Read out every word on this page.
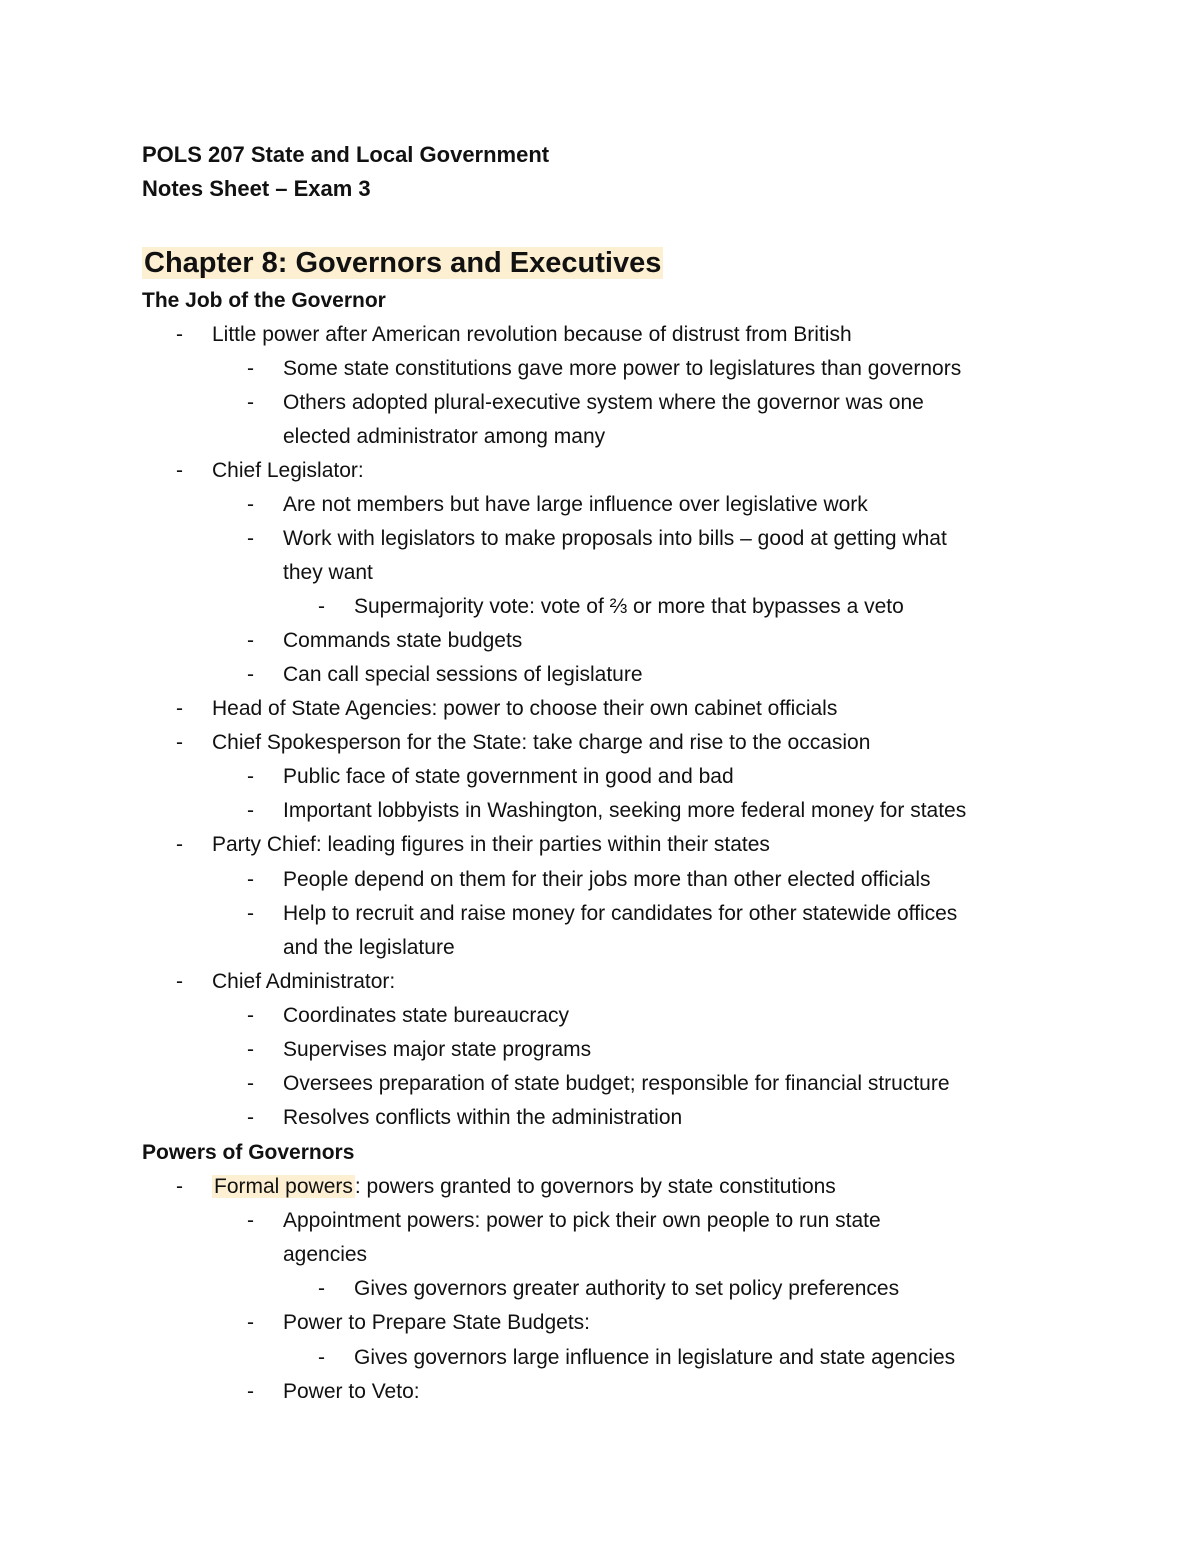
POLS 207 State and Local Government
Notes Sheet – Exam 3
Chapter 8: Governors and Executives
The Job of the Governor
- Little power after American revolution because of distrust from British
- Some state constitutions gave more power to legislatures than governors
- Others adopted plural-executive system where the governor was one
elected administrator among many
- Chief Legislator:
- Are not members but have large influence over legislative work
- Work with legislators to make proposals into bills – good at getting what
they want
- Supermajority vote: vote of ⅔ or more that bypasses a veto
- Commands state budgets
- Can call special sessions of legislature
- Head of State Agencies: power to choose their own cabinet officials
- Chief Spokesperson for the State: take charge and rise to the occasion
- Public face of state government in good and bad
- Important lobbyists in Washington, seeking more federal money for states
- Party Chief: leading figures in their parties within their states
- People depend on them for their jobs more than other elected officials
- Help to recruit and raise money for candidates for other statewide offices
and the legislature
- Chief Administrator:
- Coordinates state bureaucracy
- Supervises major state programs
- Oversees preparation of state budget; responsible for financial structure
- Resolves conflicts within the administration
Powers of Governors
- Formal powers: powers granted to governors by state constitutions
- Appointment powers: power to pick their own people to run state
agencies
- Gives governors greater authority to set policy preferences
- Power to Prepare State Budgets:
- Gives governors large influence in legislature and state agencies
- Power to Veto:
